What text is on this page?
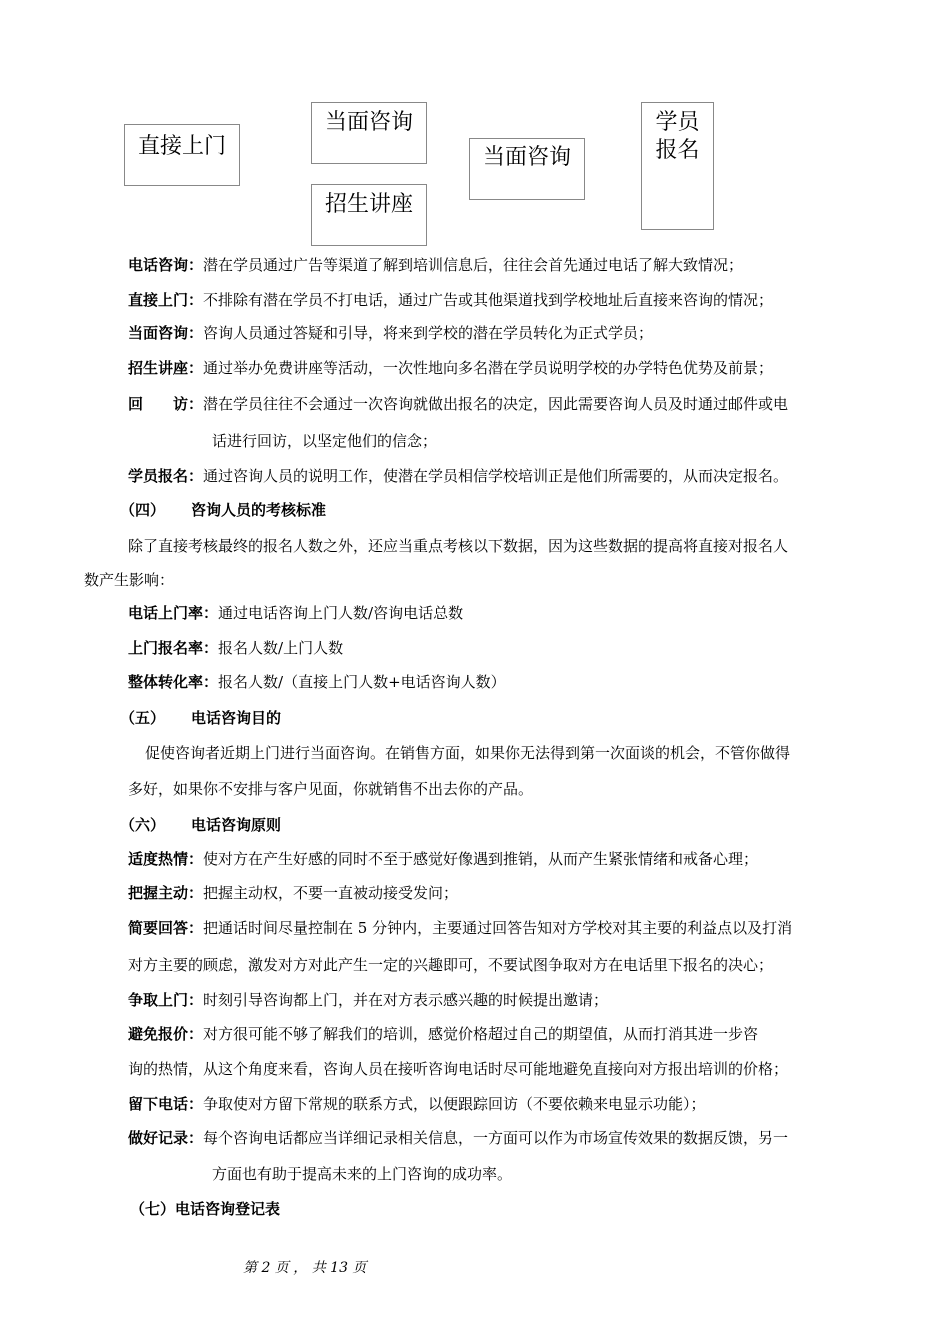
直接上门
当面咨询
招生讲座
当面咨询
学员
报名
电话咨询：潜在学员通过广告等渠道了解到培训信息后，往往会首先通过电话了解大致情况；
直接上门：不排除有潜在学员不打电话，通过广告或其他渠道找到学校地址后直接来咨询的情况；
当面咨询：咨询人员通过答疑和引导，将来到学校的潜在学员转化为正式学员；
招生讲座：通过举办免费讲座等活动，一次性地向多名潜在学员说明学校的办学特色优势及前景；
回　　访：潜在学员往往不会通过一次咨询就做出报名的决定，因此需要咨询人员及时通过邮件或电
话进行回访，以坚定他们的信念；
学员报名：通过咨询人员的说明工作，使潜在学员相信学校培训正是他们所需要的，从而决定报名。
（四） 咨询人员的考核标准
除了直接考核最终的报名人数之外，还应当重点考核以下数据，因为这些数据的提高将直接对报名人
数产生影响：
电话上门率：通过电话咨询上门人数/咨询电话总数
上门报名率：报名人数/上门人数
整体转化率：报名人数/（直接上门人数+电话咨询人数）
（五） 电话咨询目的
促使咨询者近期上门进行当面咨询。在销售方面，如果你无法得到第一次面谈的机会，不管你做得
多好，如果你不安排与客户见面，你就销售不出去你的产品。
（六） 电话咨询原则
适度热情：使对方在产生好感的同时不至于感觉好像遇到推销，从而产生紧张情绪和戒备心理；
把握主动：把握主动权，不要一直被动接受发问；
简要回答：把通话时间尽量控制在 5 分钟内，主要通过回答告知对方学校对其主要的利益点以及打消
对方主要的顾虑，激发对方对此产生一定的兴趣即可，不要试图争取对方在电话里下报名的决心；
争取上门：时刻引导咨询都上门，并在对方表示感兴趣的时候提出邀请；
避免报价：对方很可能不够了解我们的培训，感觉价格超过自己的期望值，从而打消其进一步咨
询的热情，从这个角度来看，咨询人员在接听咨询电话时尽可能地避免直接向对方报出培训的价格；
留下电话：争取使对方留下常规的联系方式，以便跟踪回访（不要依赖来电显示功能）；
做好记录：每个咨询电话都应当详细记录相关信息，一方面可以作为市场宣传效果的数据反馈，另一
方面也有助于提高未来的上门咨询的成功率。
（七）电话咨询登记表
第 2 页 ， 共 13 页
